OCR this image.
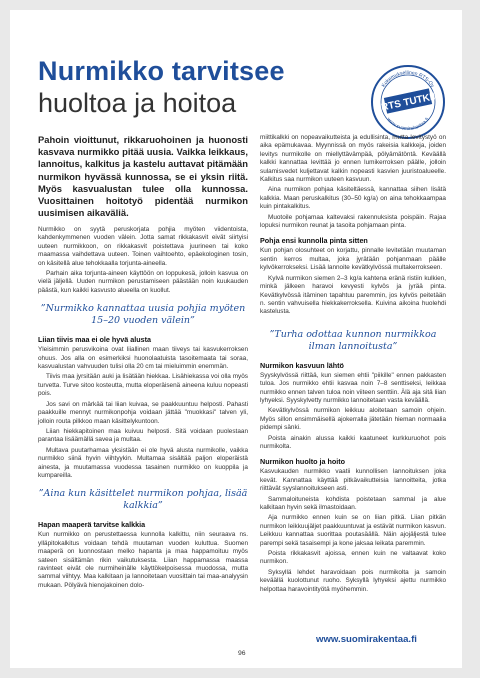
Nurmikko tarvitsee
huoltoa ja hoitoa
Kokemuksellinen RTS-Oy
RTS TUTKII
www.suomirakentaa.fi

Pahoin vioittunut, rikkaruohoinen ja huonosti kasvava nurmikko pitää uusia. Vaikka leikkaus, lannoitus, kalkitus ja kastelu auttavat pitämään nurmikon hyvässä kunnossa, se ei yksin riitä. Myös kasvualustan tulee olla kunnossa. Vuosittainen hoitotyö pidentää nurmikon uusimisen aikaväliä.

Nurmikko on syytä peruskorjata pohjia myöten viidentoista, kahdenkymmenen vuoden välein. Jotta samat rikkakasvit eivät siirtyisi uuteen nurmikkoon, on rikkakasvit poistettava juurineen tai koko maamassa vaihdettava uuteen. Toinen vaihtoehto, epäekologinen tosin, on käsitellä alue tehokkaalla torjunta-aineella.

Parhain aika torjunta-aineen käyttöön on loppukesä, jolloin kasvua on vielä jäljellä. Uuden nurmikon perustamiseen päästään noin kuukauden päästä, kun kaikki kasvusto alueella on kuollut.

”Nurmikko kannattaa uusia pohjia myöten 15–20 vuoden välein”
Liian tiivis maa ei ole hyvä alusta

Yleisimmin perusvikoina ovat liiallinen maan tiiveys tai kasvukerroksen ohuus. Jos alla on esimerkiksi huonolaatuista tasoitemaata tai soraa, kasvualustan vahvuuden tulisi olla 20 cm tai mieluimmin enemmän.

Tiivis maa jyrsitään auki ja lisätään hiekkaa. Lisähiekassa voi olla myös turvetta. Turve sitoo kosteutta, mutta eloperäisenä aineena kuluu nopeasti pois.

Jos savi on märkää tai liian kuivaa, se paakkuuntuu helposti. Pahasti paakkuille mennyt nurmikonpohja voidaan jättää "muokkasi" talven yli, jolloin routa pilkkoo maan käsittelykuntoon.

Liian hiekkapitoinen maa kuivuu helposti. Sitä voidaan puolestaan parantaa lisäämällä savea ja multaa.

Multava puutarhamaa yksistään ei ole hyvä alusta nurmikolle, vaikka nurmikko siinä hyvin viihtyykin. Multamaa sisältää paljon eloperäistä ainesta, ja muutamassa vuodessa tasainen nurmikko on kuoppila ja kumpareilla.

”Aina kun käsittelet nurmikon pohjaa, lisää kalkkia”
Hapan maaperä tarvitse kalkkia

Kun nurmikko on perustettaessa kunnolla kalkittu, niin seuraava ns. ylläpitokalkitus voidaan tehdä muutaman vuoden kuluttua. Suomen maaperä on luonnostaan melko hapanta ja maa happamoituu myös sateen sisältämän rikin vaikutuksesta. Liian happamassa maassa ravinteet eivät ole nurmiheinälle käyttökelpoisessa muodossa, mutta sammal viihtyy. Maa kalkitaan ja lannoitetaan vuosittain tai maa-analyysin mukaan. Pölyävä hienojakoinen dolo-

miittikalkki on nopeavaikutteista ja edullisinta, mutta levitystyö on aika epämukavaa. Myynnissä on myös rakeisia kalkkeja, joiden levitys nurmikolle on miellyttävämpää, pölyämätöntä. Keväällä kalkki kannattaa levittää jo ennen lumikerroksen päälle, jolloin sulamisvedet kuljettavat kalkin nopeasti kasvien juuristoalueelle. Kalkitus saa nurmikon uuteen kasvuun.

Aina nurmikon pohjaa käsiteltäessä, kannattaa siihen lisätä kalkkia. Maan peruskalkitus (30–50 kg/a) on aina tehokkaampaa kuin pintakalkitus.

Muotoile pohjamaa kaltevaksi rakennuksista poispäin. Rajaa lopuksi nurmikon reunat ja tasoita pohjamaan pinta.

Pohja ensi kunnolla pinta sitten

Kun pohjan olosuhteet on korjattu, pinnalle levitetään muutaman sentin kerros multaa, joka jyrätään pohjanmaan päälle kylvökerrokseksi. Lisää lannoite kevätkylvössä multakerrokseen.

Kylvä nurmikon siemen 2–3 kg/a kahtena eränä ristiin kulkien, minkä jälkeen haravoi kevyesti kylvös ja jyrää pinta. Kevätkylvössä itäminen tapahtuu paremmin, jos kylvös peitetään n. sentin vahvuisella hiekkakerroksella. Kuivina aikoina huolehdi kastelusta.

”Turha odottaa kunnon nurmikkoa ilman lannoitusta”
Nurmikon kasvuun lähtö

Syyskylvössä riittää, kun siemen ehtii "piikille" ennen pakkasten tuloa. Jos nurmikko ehtii kasvaa noin 7–8 senttiseksi, leikkaa nurmikko ennen talven tuloa noin viiteen senttiin. Älä aja sitä liian lyhyeksi. Syyskylvetty nurmikko lannoitetaan vasta keväällä.

Kevätkylvössä nurmikon leikkuu aloitetaan samoin ohjein. Myös sillon ensimmäisellä ajokerralla jätetään hieman normaalia pidempi sänki.

Poista ainakin alussa kaikki kaatuneet kurkkuruohot pois nurmikolta.

Nurmikon huolto ja hoito

Kasvukauden nurmikko vaatii kunnollisen lannoituksen joka kevät. Kannattaa käyttää pitkävaikutteisia lannoitteita, jotka riittävät syyslannoitukseen asti.

Sammaloituneista kohdista poistetaan sammal ja alue kalkitaan hyvin sekä ilmastoidaan.

Aja nurmikko ennen kuin se on liian pitkä. Liian pitkän nurmikon leikkuujäljet paakkuuntuvat ja estävät nurmikon kasvun. Leikkuu kannattaa suorittaa poutasäällä. Näin ajojäljestä tulee parempi sekä tasaisempi ja kone jaksaa leikata paremmin.

Poista rikkakasvit ajoissa, ennen kuin ne valtaavat koko nurmikon.

Syksyllä lehdet haravoidaan pois nurmikolta ja samoin keväällä kuolottunut ruoho. Syksyllä lyhyeksi ajettu nurmikko helpottaa haravointityötä myöhemmin.

www.suomirakentaa.fi
96
